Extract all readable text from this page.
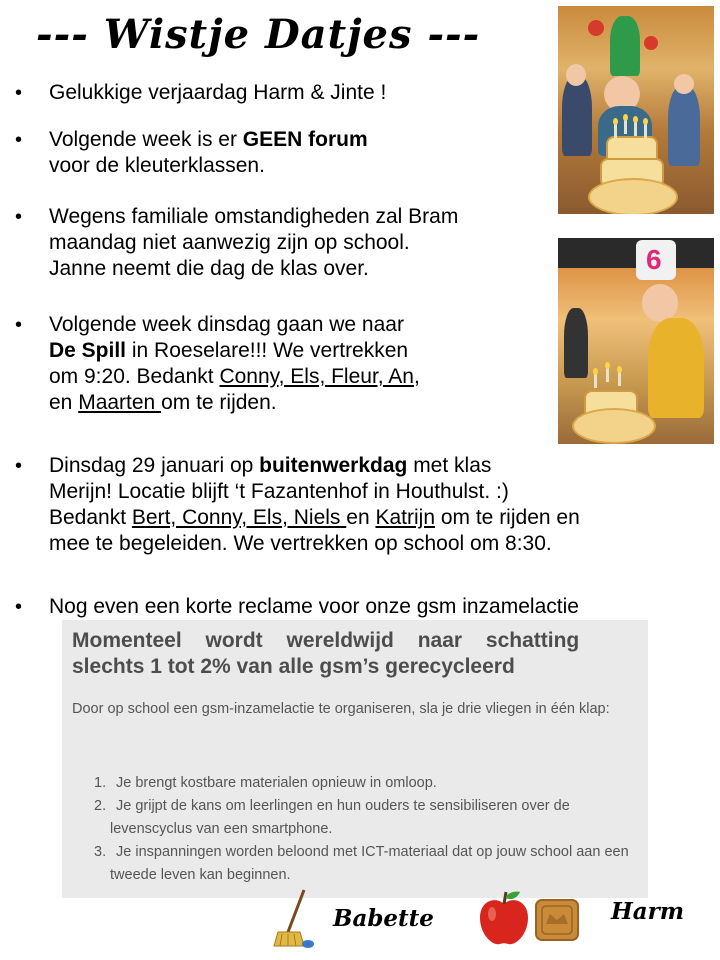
--- Wistje Datjes ---
• Gelukkige verjaardag Harm & Jinte !
• Volgende week is er GEEN forum
voor de kleuterklassen.
• Wegens familiale omstandigheden zal Bram
maandag niet aanwezig zijn op school.
Janne neemt die dag de klas over.
• Volgende week dinsdag gaan we naar
De Spill in Roeselare!!! We vertrekken
om 9:20. Bedankt Conny, Els, Fleur, An,
en Maarten om te rijden.
• Dinsdag 29 januari op buitenwerkdag met klas
Merijn! Locatie blijft ‘t Fazantenhof in Houthulst. :)
Bedankt Bert, Conny, Els, Niels en Katrijn om te rijden en
mee te begeleiden. We vertrekken op school om 8:30.
• Nog even een korte reclame voor onze gsm inzamelactie
6
Momenteel wordt wereldwijd naar schatting
slechts 1 tot 2% van alle gsm’s gerecycleerd
Door op school een gsm-inzamelactie te organiseren, sla je drie vliegen in één klap:
1. Je brengt kostbare materialen opnieuw in omloop.
2. Je grijpt de kans om leerlingen en hun ouders te sensibiliseren over de levenscyclus van een smartphone.
3. Je inspanningen worden beloond met ICT-materiaal dat op jouw school aan een tweede leven kan beginnen.
Babette	Harm
